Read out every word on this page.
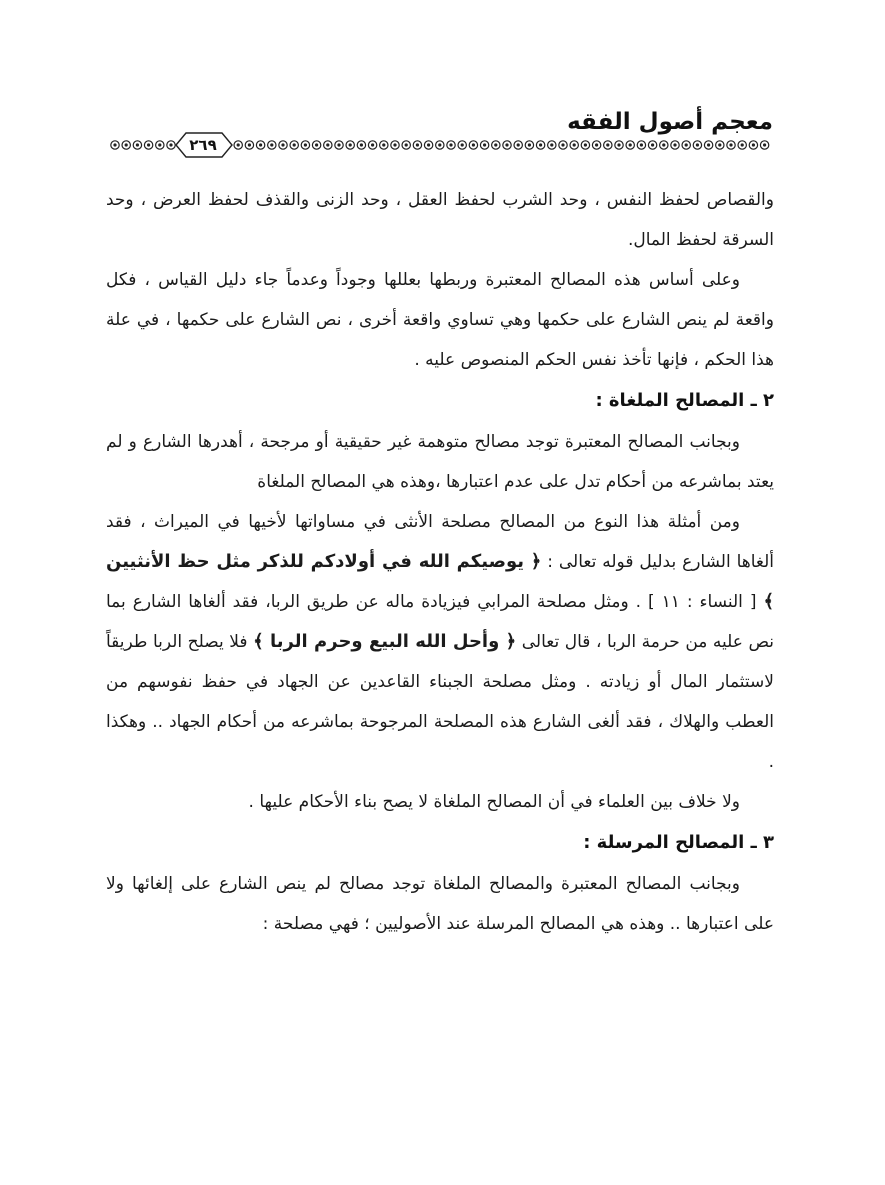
معجم أصول الفقه
٢٦٩

والقصاص لحفظ النفس ، وحد الشرب لحفظ العقل ، وحد الزنى والقذف لحفظ العرض ، وحد السرقة لحفظ المال.

وعلى أساس هذه المصالح المعتبرة وربطها بعللها وجوداً وعدماً جاء دليل القياس ، فكل واقعة لم ينص الشارع على حكمها وهي تساوي واقعة أخرى ، نص الشارع على حكمها ، في علة هذا الحكم ، فإنها تأخذ نفس الحكم المنصوص عليه .

٢ ـ المصالح الملغاة :

وبجانب المصالح المعتبرة توجد مصالح متوهمة غير حقيقية أو مرجحة ، أهدرها الشارع و لم يعتد بماشرعه من أحكام تدل على عدم اعتبارها ،وهذه هي المصالح الملغاة

ومن أمثلة هذا النوع من المصالح مصلحة الأنثى في مساواتها لأخيها في الميراث ، فقد ألغاها الشارع بدليل قوله تعالى : ﴿ يوصيكم الله في أولادكم للذكر مثل حظ الأنثيين ﴾ [ النساء : ١١ ] . ومثل مصلحة المرابي فيزيادة ماله عن طريق الربا، فقد ألغاها الشارع بما نص عليه من حرمة الربا ، قال تعالى ﴿ وأحل الله البيع وحرم الربا ﴾ فلا يصلح الربا طريقاً لاستثمار المال أو زيادته . ومثل مصلحة الجبناء القاعدين عن الجهاد في حفظ نفوسهم من العطب والهلاك ، فقد ألغى الشارع هذه المصلحة المرجوحة بماشرعه من أحكام الجهاد .. وهكذا .

ولا خلاف بين العلماء في أن المصالح الملغاة لا يصح بناء الأحكام عليها .

٣ ـ المصالح المرسلة :

وبجانب المصالح المعتبرة والمصالح الملغاة توجد مصالح لم ينص الشارع على إلغائها ولا على اعتبارها .. وهذه هي المصالح المرسلة عند الأصوليين ؛ فهي مصلحة :
